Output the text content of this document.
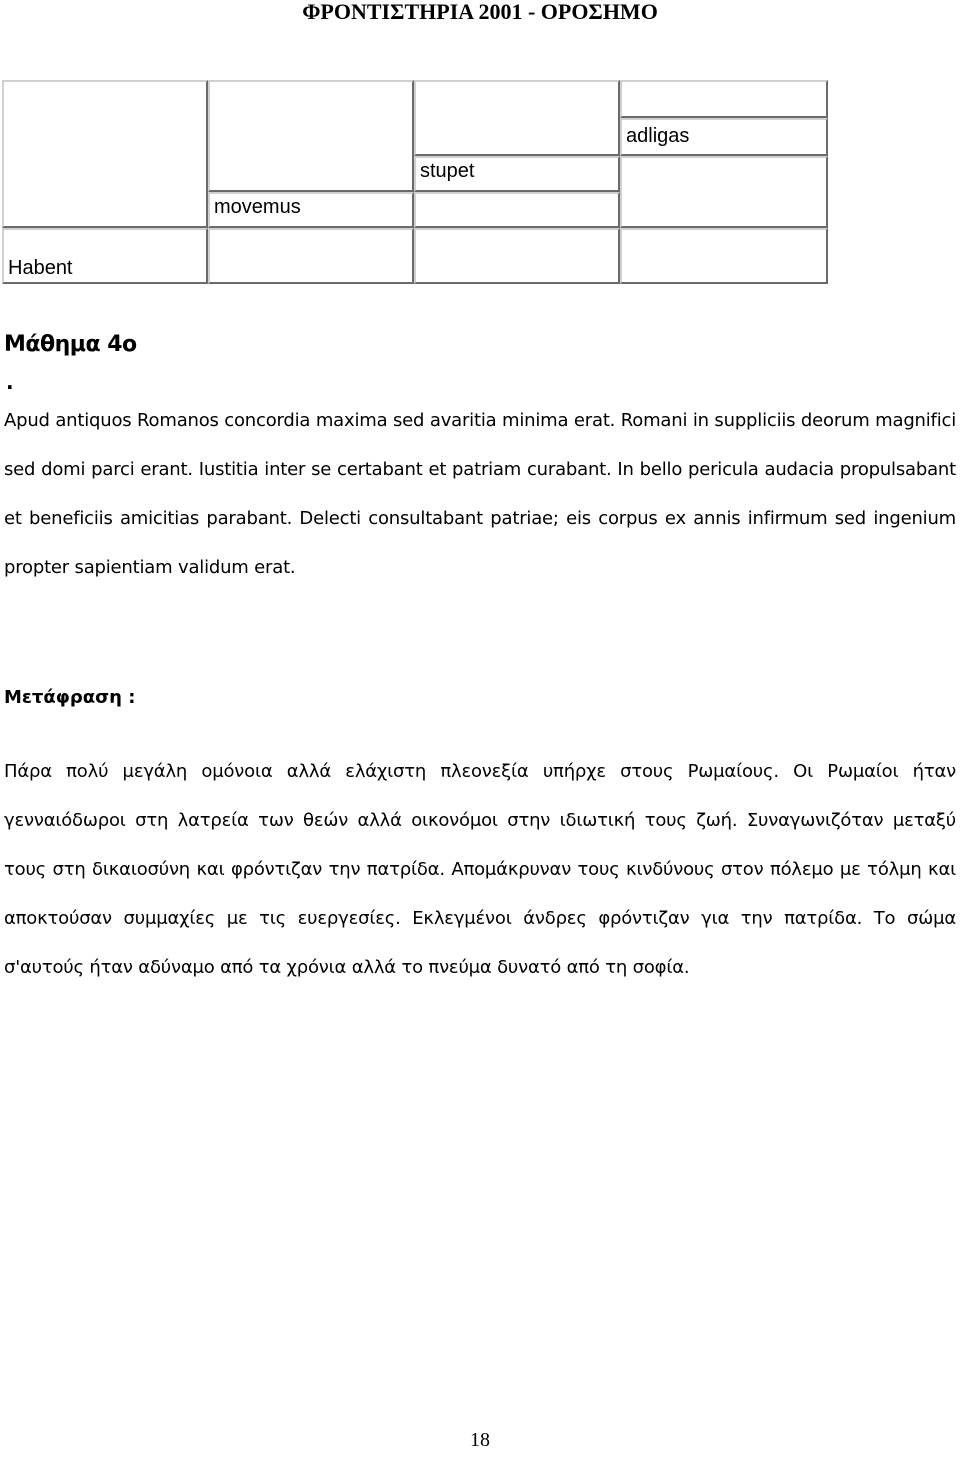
ΦΡΟΝΤΙΣΤΗΡΙΑ 2001 - ΟΡΟΣΗΜΟ
adligas
stupet
movemus
Habent
Μάθημα 4ο
.
Apud antiquos Romanos concordia maxima sed avaritia minima erat. Romani in suppliciis deorum magnifici sed domi parci erant. Iustitia inter se certabant et patriam curabant. In bello pericula audacia propulsabant et beneficiis amicitias parabant. Delecti consultabant patriae; eis corpus ex annis infirmum sed ingenium propter sapientiam validum erat.
Μετάφραση :
Πάρα πολύ μεγάλη ομόνοια αλλά ελάχιστη πλεονεξία υπήρχε στους Ρωμαίους. Οι Ρωμαίοι ήταν γενναιόδωροι στη λατρεία των θεών αλλά οικονόμοι στην ιδιωτική τους ζωή. Συναγωνιζόταν μεταξύ τους στη δικαιοσύνη και φρόντιζαν την πατρίδα. Απομάκρυναν τους κινδύνους στον πόλεμο με τόλμη και αποκτούσαν συμμαχίες με τις ευεργεσίες. Εκλεγμένοι άνδρες φρόντιζαν για την πατρίδα. Το σώμα σ'αυτούς ήταν αδύναμο από τα χρόνια αλλά το πνεύμα δυνατό από τη σοφία.
18
